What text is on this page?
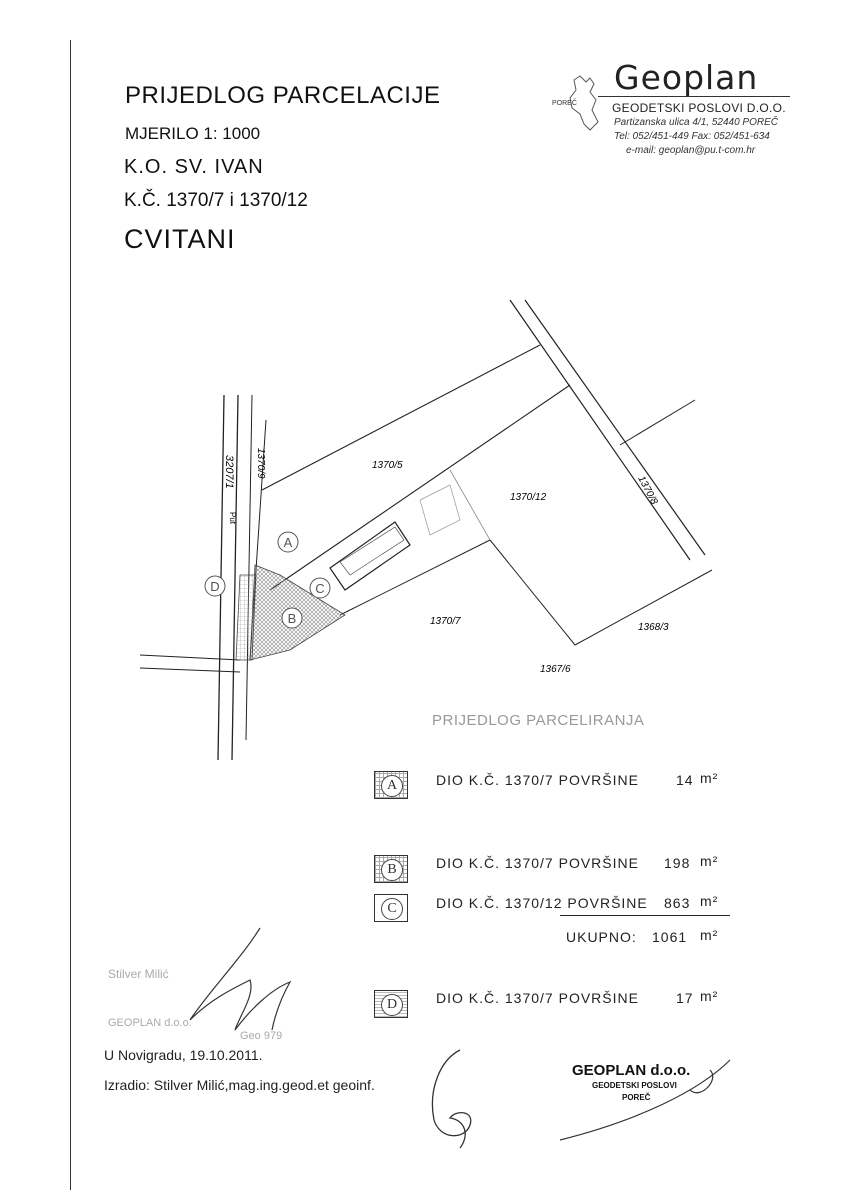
PRIJEDLOG PARCELACIJE
MJERILO 1: 1000
K.O. SV. IVAN
K.Č. 1370/7 i 1370/12
CVITANI
POREČ
Geoplan
GEODETSKI POSLOVI D.O.O.
Partizanska ulica 4/1, 52440 POREČ
Tel: 052/451-449 Fax: 052/451-634
e-mail: geoplan@pu.t-com.hr
1370/5
1370/12
1370/7
1368/3
1367/6
1370/9
1370/8
3207/1
Put
A
B
C
D
PRIJEDLOG PARCELIRANJA
A	DIO K.Č. 1370/7 POVRŠINE	14 m²
B	DIO K.Č. 1370/7 POVRŠINE 198 m²
C	DIO K.Č. 1370/12 POVRŠINE 863 m²
UKUPNO: 1061 m²
D	DIO K.Č. 1370/7 POVRŠINE	17 m²
Stilver Milić
GEOPLAN d.o.o.
Geo 979
U Novigradu, 19.10.2011.
Izradio: Stilver Milić,mag.ing.geod.et geoinf.
GEOPLAN d.o.o.
GEODETSKI POSLOVI
POREČ
